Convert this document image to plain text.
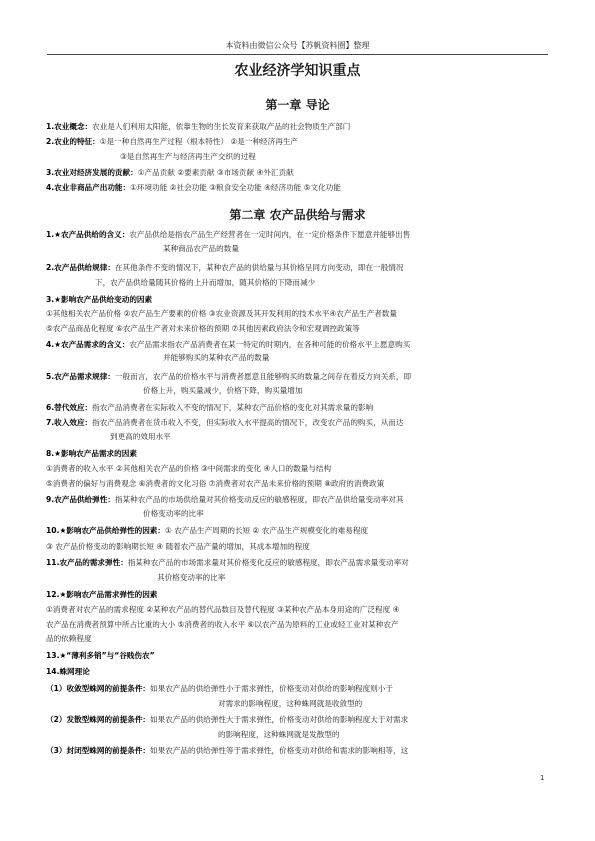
本资料由微信公众号【苏帆资料圈】整理
农业经济学知识重点
第一章 导论
第二章 农产品供给与需求
1.农业概念：农业是人们利用太阳能，依靠生物的生长发育来获取产品的社会物质生产部门
2.农业的特征：①是一种自然再生产过程（根本特性） ②是一种经济再生产
③是自然再生产与经济再生产交织的过程
3.农业对经济发展的贡献：①产品贡献 ②要素贡献 ③市场贡献 ④外汇贡献
4.农业非商品产出功能：①环境功能 ②社会功能 ③粮食安全功能 ④经济功能 ⑤文化功能
1.★农产品供给的含义：农产品供给是指农产品生产经营者在一定时间内，在一定价格条件下愿意并能够出售
某种商品农产品的数量
2.农产品供给规律：在其他条件不变的情况下，某种农产品的供给量与其价格呈同方向变动，即在一般情况
下，农产品供给量随其价格的上升而增加，随其价格的下降而减少
3.★影响农产品供给变动的因素
①其他相关农产品价格 ②农产品生产要素的价格 ③农业资源及其开发利用的技术水平④农产品生产者数量
⑤农产品商品化程度 ⑥农产品生产者对未来价格的预期 ⑦其他因素政府法令和宏观调控政策等
4.★农产品需求的含义：农产品需求指农产品消费者在某一特定的时期内，在各种可能的价格水平上愿意购买
并能够购买的某种农产品的数量
5.农产品需求规律：一般而言，农产品的价格水平与消费者愿意且能够购买的数量之间存在着反方向关系，即
价格上升，购买量减少，价格下降，购买量增加
6.替代效应：指农产品消费者在实际收入不变的情况下，某种农产品价格的变化对其需求量的影响
7.收入效应：指农产品消费者在货币收入不变，但实际收入水平提高的情况下，改变农产品的购买，从而达
到更高的效用水平
8.★影响农产品需求的因素
①消费者的收入水平 ②其他相关农产品的价格 ③中间需求的变化 ④人口的数量与结构
⑤消费者的偏好与消费观念 ⑥消费者的文化习俗 ⑦消费者对农产品未来价格的预期 ⑧政府的消费政策
9.农产品供给弹性：指某种农产品的市场供给量对其价格变动反应的敏感程度，即农产品供给量变动率对其
价格变动率的比率
10.★影响农产品供给弹性的因素：① 农产品生产周期的长短 ② 农产品生产规模变化的难易程度
③ 农产品价格变动的影响期长短 ④ 随着农产品产量的增加，其成本增加的程度
11.农产品的需求弹性：指某种农产品的市场需求量对其价格变化反应的敏感程度，即农产品需求量变动率对
其价格变动率的比率
12.★影响农产品需求弹性的因素
①消费者对农产品的需求程度 ②某种农产品的替代品数目及替代程度 ③某种农产品本身用途的广泛程度 ④
农产品在消费者预算中所占比重的大小 ⑤消费者的收入水平 ⑥以农产品为原料的工业或轻工业对某种农产
品的依赖程度
13.★“薄利多销”与“谷贱伤农”
14.蛛网理论
（1）收敛型蛛网的前提条件：如果农产品的供给弹性小于需求弹性，价格变动对供给的影响程度则小于
对需求的影响程度，这种蛛网就是收敛型的
（2）发散型蛛网的前提条件：如果农产品的供给弹性大于需求弹性，价格变动对供给的影响程度大于对需求
的影响程度，这种蛛网就是发散型的
（3）封闭型蛛网的前提条件：如果农产品的供给弹性等于需求弹性，价格变动对供给和需求的影响相等，这
1
